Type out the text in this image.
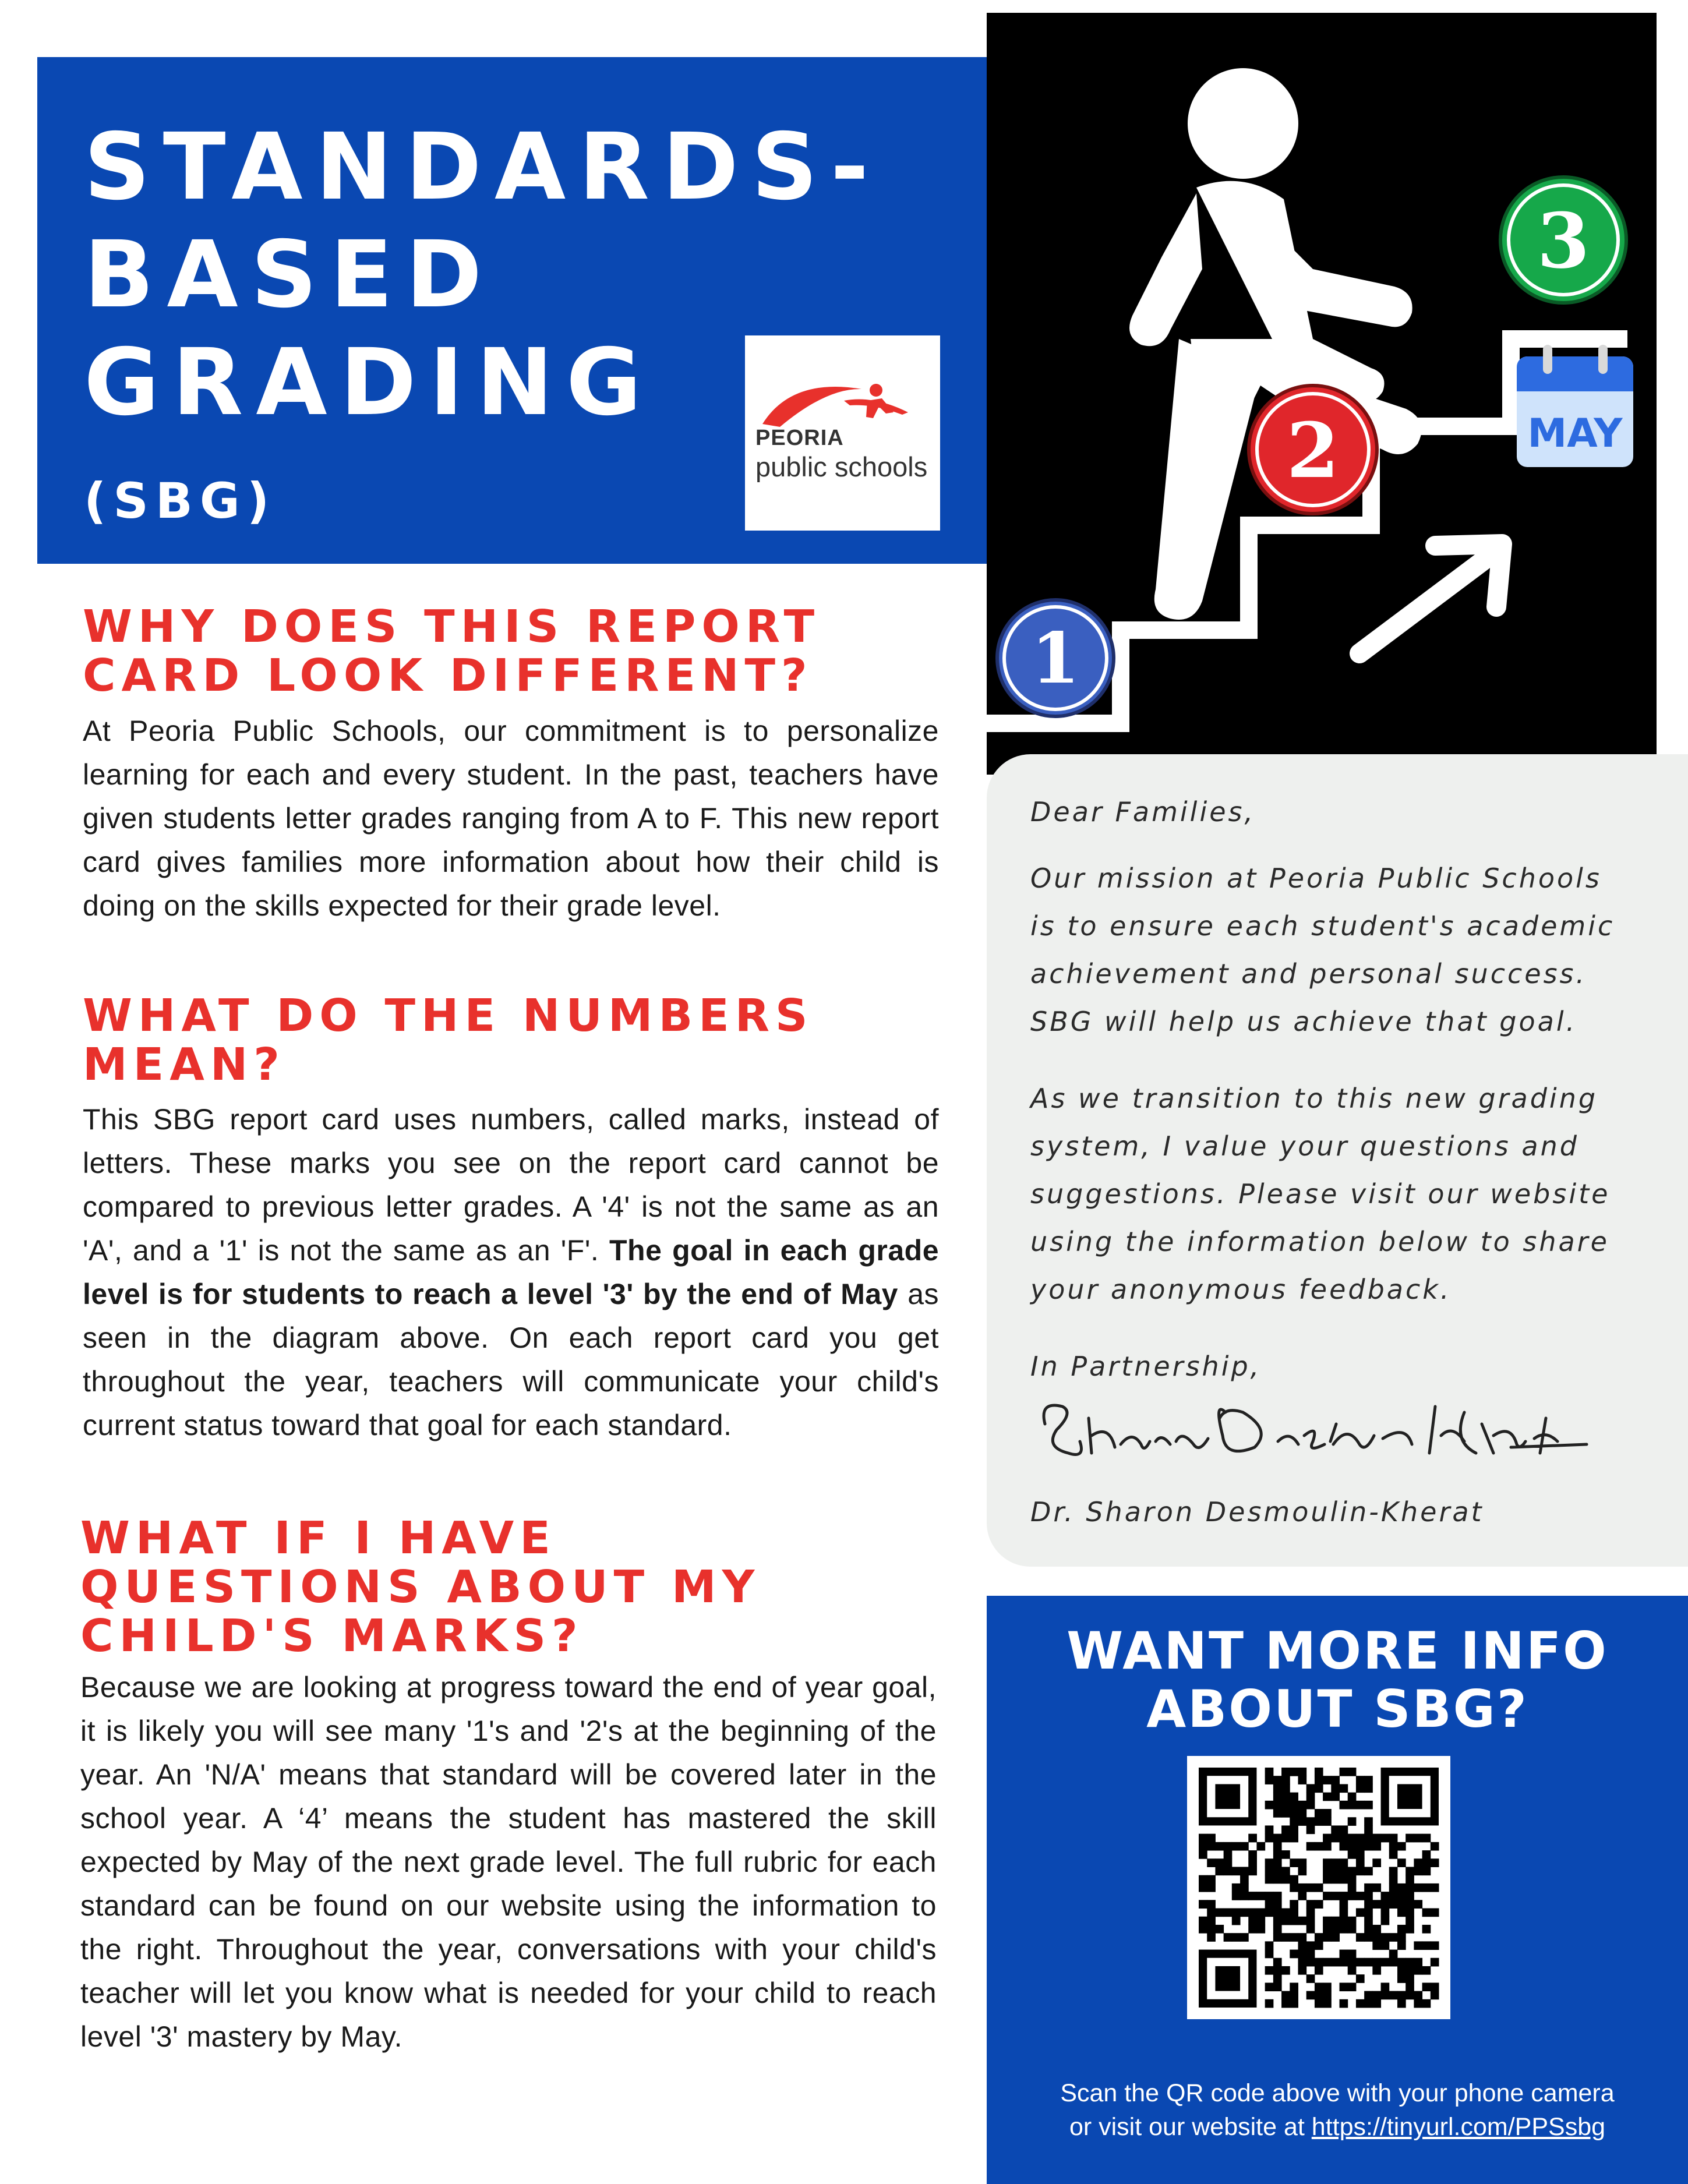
STANDARDS-
BASED
GRADING
(SBG)
PEORIA
public schools
1
2
3
MAY
WHY DOES THIS REPORT
CARD LOOK DIFFERENT?
At Peoria Public Schools, our commitment is to personalize learning for each and every student. In the past, teachers have given students letter grades ranging from A to F. This new report card gives families more information about how their child is doing on the skills expected for their grade level.
WHAT DO THE NUMBERS
MEAN?
This SBG report card uses numbers, called marks, instead of letters. These marks you see on the report card cannot be compared to previous letter grades. A '4' is not the same as an 'A', and a '1' is not the same as an 'F'. The goal in each grade level is for students to reach a level '3' by the end of May as seen in the diagram above. On each report card you get throughout the year, teachers will communicate your child's current status toward that goal for each standard.
WHAT IF I HAVE
QUESTIONS ABOUT MY
CHILD'S MARKS?
Because we are looking at progress toward the end of year goal, it is likely you will see many '1's and '2's at the beginning of the year. An 'N/A' means that standard will be covered later in the school year. A ‘4’ means the student has mastered the skill expected by May of the next grade level. The full rubric for each standard can be found on our website using the information to the right. Throughout the year, conversations with your child's teacher will let you know what is needed for your child to reach level '3' mastery by May.
Dear Families,
Our mission at Peoria Public Schools
is to ensure each student's academic
achievement and personal success.
SBG will help us achieve that goal.
As we transition to this new grading
system, I value your questions and
suggestions. Please visit our website
using the information below to share
your anonymous feedback.
In Partnership,
Dr. Sharon Desmoulin-Kherat
WANT MORE INFO
ABOUT SBG?
Scan the QR code above with your phone camera
or visit our website at https://tinyurl.com/PPSsbg
